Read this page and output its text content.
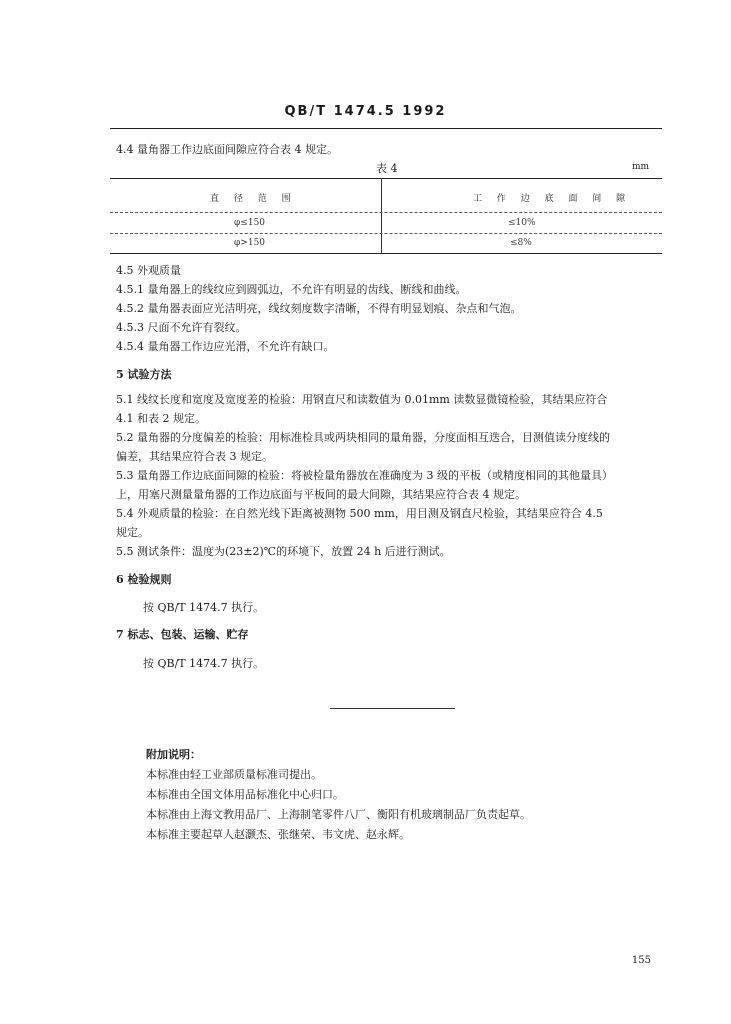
QB/T 1474.5 1992
4.4 量角器工作边底面间隙应符合表 4 规定。
表 4	mm
直 径 范 围	工 作 边 底 面 间 隙
φ≤150	≤10%
φ>150	≤8%
4.5 外观质量
4.5.1 量角器上的线纹应到圆弧边，不允许有明显的齿线、断线和曲线。
4.5.2 量角器表面应光洁明亮，线纹刻度数字清晰，不得有明显划痕、杂点和气泡。
4.5.3 尺面不允许有裂纹。
4.5.4 量角器工作边应光滑，不允许有缺口。
5 试验方法
5.1 线纹长度和宽度及宽度差的检验：用钢直尺和读数值为 0.01mm 读数显微镜检验，其结果应符合
4.1 和表 2 规定。
5.2 量角器的分度偏差的检验：用标准检具或两块相同的量角器，分度面相互迭合，目测值读分度线的
偏差，其结果应符合表 3 规定。
5.3 量角器工作边底面间隙的检验：将被检量角器放在准确度为 3 级的平板（或精度相同的其他量具）
上，用塞尺测量量角器的工作边底面与平板间的最大间隙，其结果应符合表 4 规定。
5.4 外观质量的检验：在自然光线下距离被测物 500 mm，用目测及钢直尺检验，其结果应符合 4.5
规定。
5.5 测试条件：温度为(23±2)℃的环境下，放置 24 h 后进行测试。
6 检验规则
按 QB/T 1474.7 执行。
7 标志、包装、运输、贮存
按 QB/T 1474.7 执行。
附加说明：
本标准由轻工业部质量标准司提出。
本标准由全国文体用品标准化中心归口。
本标准由上海文教用品厂、上海制笔零件八厂、衡阳有机玻璃制品厂负责起草。
本标准主要起草人赵灏杰、张继荣、韦文虎、赵永辉。
155
